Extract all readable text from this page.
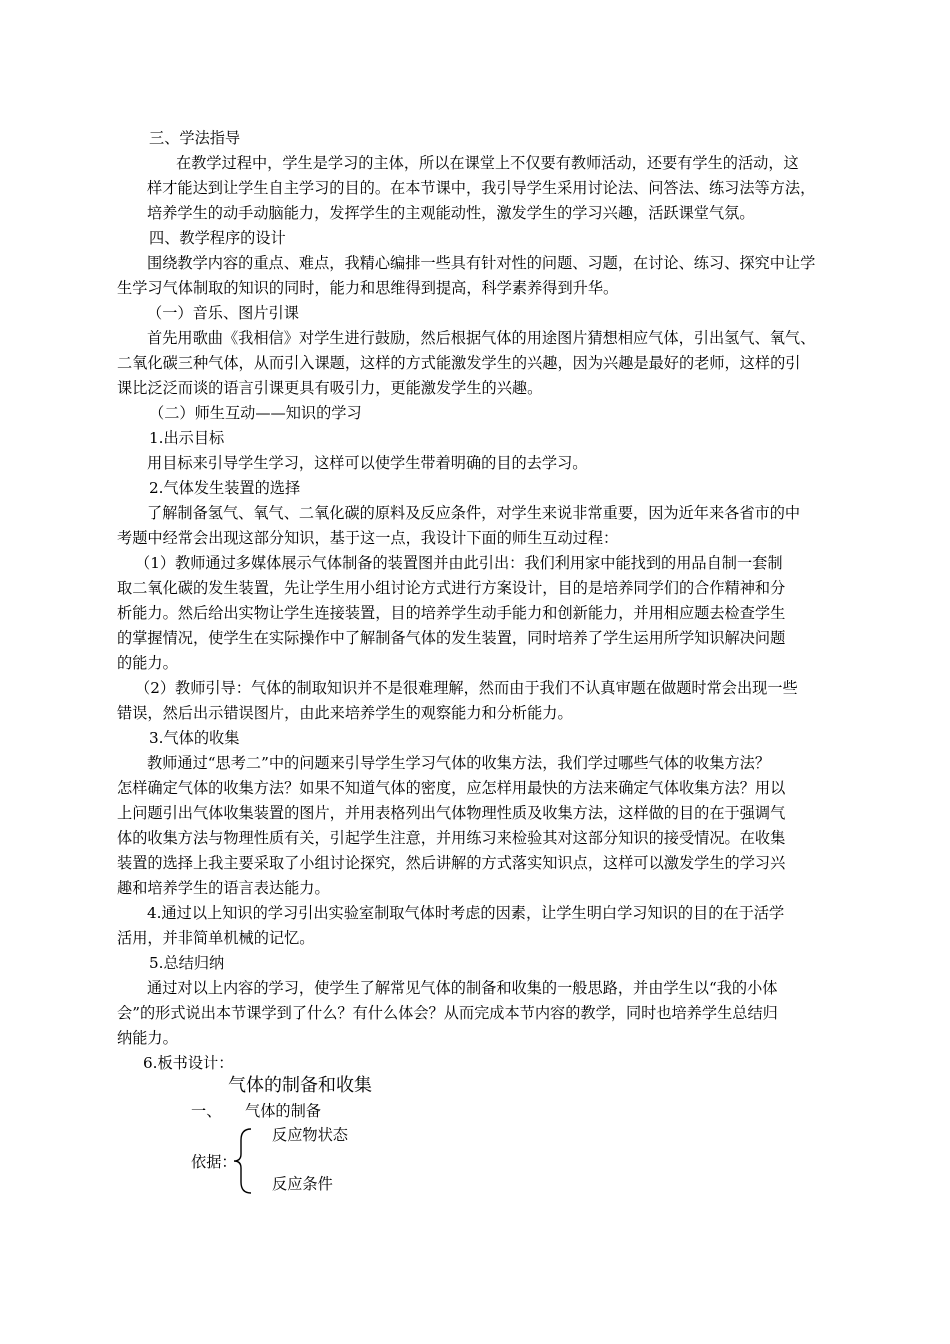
三、学法指导
在教学过程中，学生是学习的主体，所以在课堂上不仅要有教师活动，还要有学生的活动，这
样才能达到让学生自主学习的目的。在本节课中，我引导学生采用讨论法、问答法、练习法等方法，
培养学生的动手动脑能力，发挥学生的主观能动性，激发学生的学习兴趣，活跃课堂气氛。
四、教学程序的设计
围绕教学内容的重点、难点，我精心编排一些具有针对性的问题、习题，在讨论、练习、探究中让学
生学习气体制取的知识的同时，能力和思维得到提高，科学素养得到升华。
（一）音乐、图片引课
首先用歌曲《我相信》对学生进行鼓励，然后根据气体的用途图片猜想相应气体，引出氢气、氧气、
二氧化碳三种气体，从而引入课题，这样的方式能激发学生的兴趣，因为兴趣是最好的老师，这样的引
课比泛泛而谈的语言引课更具有吸引力，更能激发学生的兴趣。
（二）师生互动——知识的学习
1.出示目标
用目标来引导学生学习，这样可以使学生带着明确的目的去学习。
2.气体发生装置的选择
了解制备氢气、氧气、二氧化碳的原料及反应条件，对学生来说非常重要，因为近年来各省市的中
考题中经常会出现这部分知识，基于这一点，我设计下面的师生互动过程：
（1）教师通过多媒体展示气体制备的装置图并由此引出：我们利用家中能找到的用品自制一套制
取二氧化碳的发生装置，先让学生用小组讨论方式进行方案设计，目的是培养同学们的合作精神和分
析能力。然后给出实物让学生连接装置，目的培养学生动手能力和创新能力，并用相应题去检查学生
的掌握情况，使学生在实际操作中了解制备气体的发生装置，同时培养了学生运用所学知识解决问题
的能力。
（2）教师引导：气体的制取知识并不是很难理解，然而由于我们不认真审题在做题时常会出现一些
错误，然后出示错误图片，由此来培养学生的观察能力和分析能力。
3.气体的收集
教师通过“思考二”中的问题来引导学生学习气体的收集方法，我们学过哪些气体的收集方法？
怎样确定气体的收集方法？如果不知道气体的密度，应怎样用最快的方法来确定气体收集方法？用以
上问题引出气体收集装置的图片，并用表格列出气体物理性质及收集方法，这样做的目的在于强调气
体的收集方法与物理性质有关，引起学生注意，并用练习来检验其对这部分知识的接受情况。在收集
装置的选择上我主要采取了小组讨论探究，然后讲解的方式落实知识点，这样可以激发学生的学习兴
趣和培养学生的语言表达能力。
4.通过以上知识的学习引出实验室制取气体时考虑的因素，让学生明白学习知识的目的在于活学
活用，并非简单机械的记忆。
5.总结归纳
通过对以上内容的学习，使学生了解常见气体的制备和收集的一般思路，并由学生以“我的小体
会”的形式说出本节课学到了什么？有什么体会？从而完成本节内容的教学，同时也培养学生总结归
纳能力。
6.板书设计：
气体的制备和收集
一、 气体的制备
依据：
反应物状态
反应条件
